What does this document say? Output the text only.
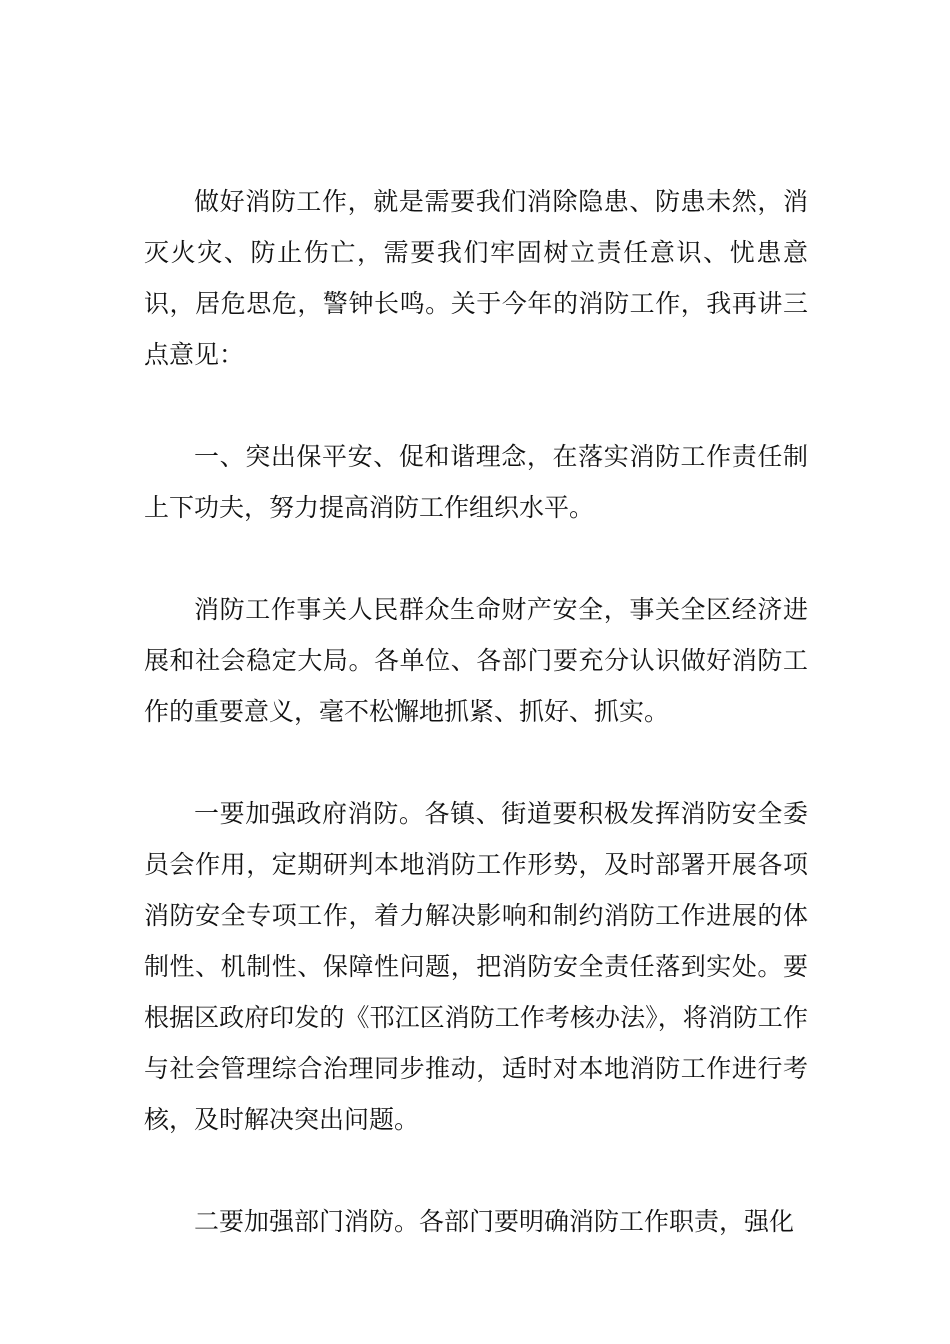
做好消防工作，就是需要我们消除隐患、防患未然，消灭火灾、防止伤亡，需要我们牢固树立责任意识、忧患意识，居危思危，警钟长鸣。关于今年的消防工作，我再讲三点意见：

一、突出保平安、促和谐理念，在落实消防工作责任制上下功夫，努力提高消防工作组织水平。

消防工作事关人民群众生命财产安全，事关全区经济进展和社会稳定大局。各单位、各部门要充分认识做好消防工作的重要意义，毫不松懈地抓紧、抓好、抓实。

一要加强政府消防。各镇、街道要积极发挥消防安全委员会作用，定期研判本地消防工作形势，及时部署开展各项消防安全专项工作，着力解决影响和制约消防工作进展的体制性、机制性、保障性问题，把消防安全责任落到实处。要根据区政府印发的《邗江区消防工作考核办法》，将消防工作与社会管理综合治理同步推动，适时对本地消防工作进行考核，及时解决突出问题。

二要加强部门消防。各部门要明确消防工作职责，强化
